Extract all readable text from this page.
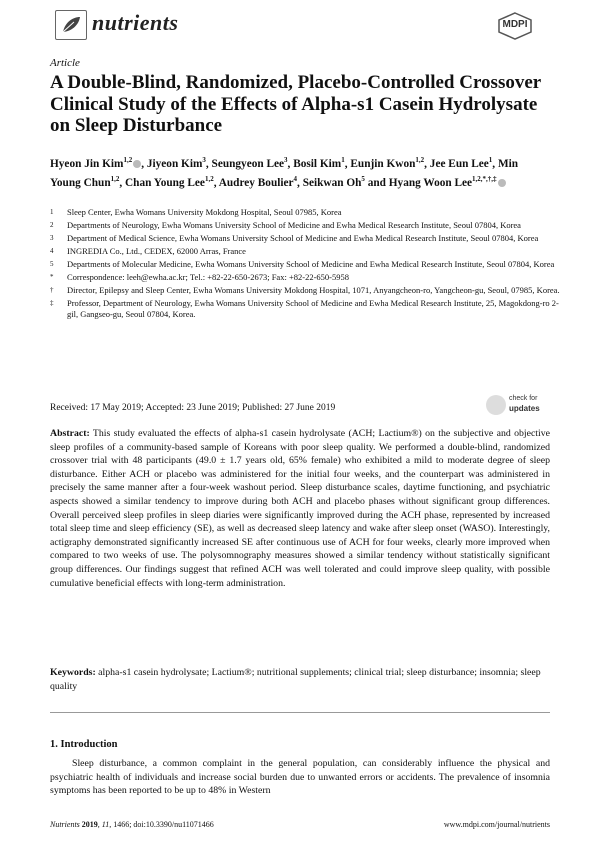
nutrients	MDPI
Article
A Double-Blind, Randomized, Placebo-Controlled Crossover Clinical Study of the Effects of Alpha-s1 Casein Hydrolysate on Sleep Disturbance
Hyeon Jin Kim$^{1,2}$ , Jiyeon Kim$^3$, Seungyeon Lee$^3$, Bosil Kim$^1$, Eunjin Kwon$^{1,2}$, Jee Eun Lee$^1$, Min Young Chun$^{1,2}$, Chan Young Lee$^{1,2}$, Audrey Boulier$^4$, Seikwan Oh$^5$ and Hyang Woon Lee$^{1,2,*,\dagger,\ddagger}$
1	Sleep Center, Ewha Womans University Mokdong Hospital, Seoul 07985, Korea
2	Departments of Neurology, Ewha Womans University School of Medicine and Ewha Medical Research Institute, Seoul 07804, Korea
3	Department of Medical Science, Ewha Womans University School of Medicine and Ewha Medical Research Institute, Seoul 07804, Korea
4	INGREDIA Co., Ltd., CEDEX, 62000 Arras, France
5	Departments of Molecular Medicine, Ewha Womans University School of Medicine and Ewha Medical Research Institute, Seoul 07804, Korea
*	Correspondence: leeh@ewha.ac.kr; Tel.: +82-22-650-2673; Fax: +82-22-650-5958
†	Director, Epilepsy and Sleep Center, Ewha Womans University Mokdong Hospital, 1071, Anyangcheon-ro, Yangcheon-gu, Seoul, 07985, Korea.
‡	Professor, Department of Neurology, Ewha Womans University School of Medicine and Ewha Medical Research Institute, 25, Magokdong-ro 2-gil, Gangseo-gu, Seoul 07804, Korea.
Received: 17 May 2019; Accepted: 23 June 2019; Published: 27 June 2019
check for
updates
Abstract: This study evaluated the effects of alpha-s1 casein hydrolysate (ACH; Lactium®) on the subjective and objective sleep profiles of a community-based sample of Koreans with poor sleep quality. We performed a double-blind, randomized crossover trial with 48 participants (49.0 ± 1.7 years old, 65% female) who exhibited a mild to moderate degree of sleep disturbance. Either ACH or placebo was administered for the initial four weeks, and the counterpart was administered in precisely the same manner after a four-week washout period. Sleep disturbance scales, daytime functioning, and psychiatric aspects showed a similar tendency to improve during both ACH and placebo phases without significant group differences. Overall perceived sleep profiles in sleep diaries were significantly improved during the ACH phase, represented by increased total sleep time and sleep efficiency (SE), as well as decreased sleep latency and wake after sleep onset (WASO). Interestingly, actigraphy demonstrated significantly increased SE after continuous use of ACH for four weeks, clearly more improved when compared to two weeks of use. The polysomnography measures showed a similar tendency without statistically significant group differences. Our findings suggest that refined ACH was well tolerated and could improve sleep quality, with possible cumulative beneficial effects with long-term administration.
Keywords: alpha-s1 casein hydrolysate; Lactium®; nutritional supplements; clinical trial; sleep disturbance; insomnia; sleep quality
1. Introduction
Sleep disturbance, a common complaint in the general population, can considerably influence the physical and psychiatric health of individuals and increase social burden due to unwanted errors or accidents. The prevalence of insomnia symptoms has been reported to be up to 48% in Western
Nutrients 2019, 11, 1466; doi:10.3390/nu11071466	www.mdpi.com/journal/nutrients
